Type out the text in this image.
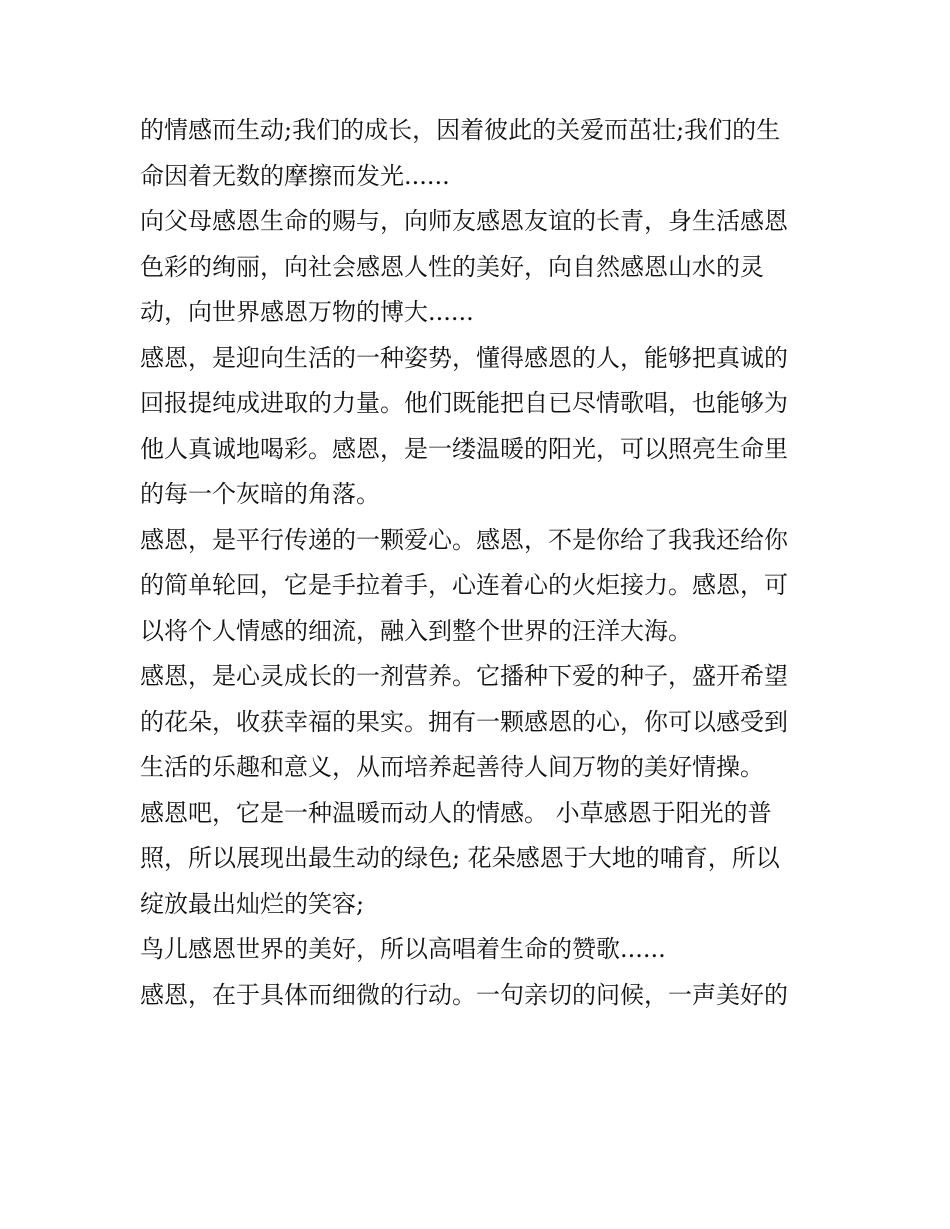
的情感而生动;我们的成长，因着彼此的关爱而茁壮;我们的生
命因着无数的摩擦而发光......

向父母感恩生命的赐与，向师友感恩友谊的长青，身生活感恩
色彩的绚丽，向社会感恩人性的美好，向自然感恩山水的灵
动，向世界感恩万物的博大......

感恩，是迎向生活的一种姿势，懂得感恩的人，能够把真诚的
回报提纯成进取的力量。他们既能把自已尽情歌唱，也能够为
他人真诚地喝彩。感恩，是一缕温暖的阳光，可以照亮生命里
的每一个灰暗的角落。

感恩，是平行传递的一颗爱心。感恩，不是你给了我我还给你
的简单轮回，它是手拉着手，心连着心的火炬接力。感恩，可
以将个人情感的细流，融入到整个世界的汪洋大海。

感恩，是心灵成长的一剂营养。它播种下爱的种子，盛开希望
的花朵，收获幸福的果实。拥有一颗感恩的心，你可以感受到
生活的乐趣和意义，从而培养起善待人间万物的美好情操。

感恩吧，它是一种温暖而动人的情感。 小草感恩于阳光的普
照，所以展现出最生动的绿色; 花朵感恩于大地的哺育，所以
绽放最出灿烂的笑容;

鸟儿感恩世界的美好，所以高唱着生命的赞歌......

感恩，在于具体而细微的行动。一句亲切的问候，一声美好的
